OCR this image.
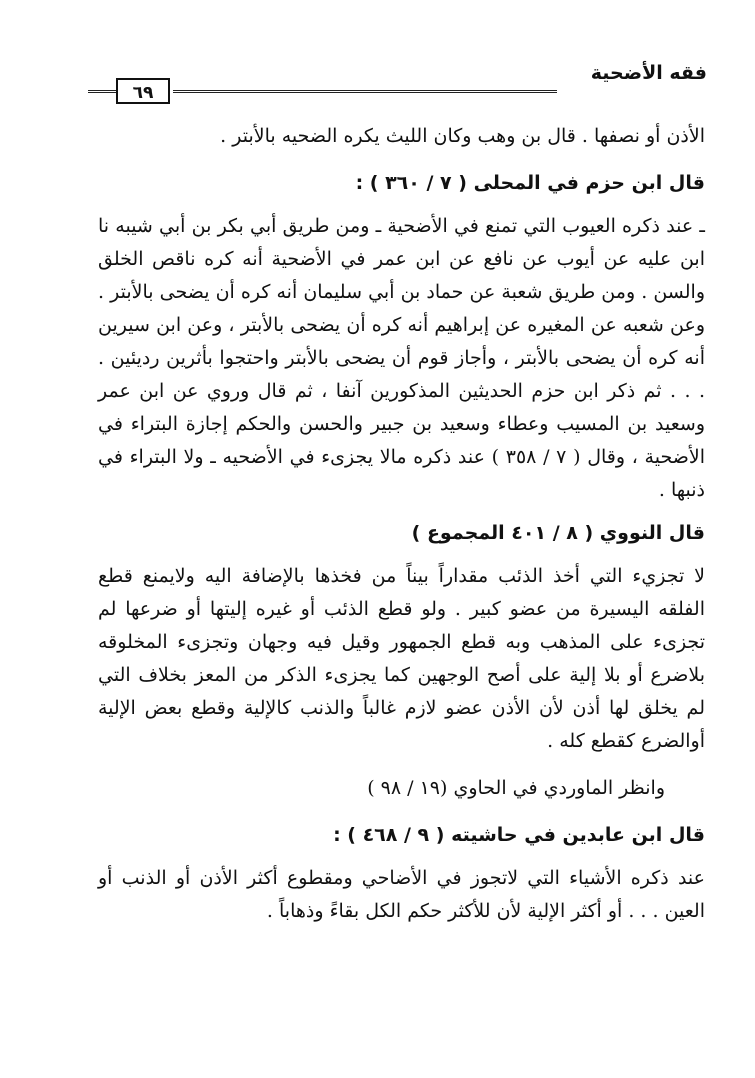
فقه الأضحية
٦٩

الأذن أو نصفها . قال بن وهب وكان الليث يكره الضحيه بالأبتر .

قال ابن حزم في المحلى ( ٧ / ٣٦٠ ) :

ـ عند ذكره العيوب التي تمنع في الأضحية ـ ومن طريق أبي بكر بن أبي شيبه نا ابن عليه عن أيوب عن نافع عن ابن عمر في الأضحية أنه كره ناقص الخلق والسن . ومن طريق شعبة عن حماد بن أبي سليمان أنه كره أن يضحى بالأبتر . وعن شعبه عن المغيره عن إبراهيم أنه كره أن يضحى بالأبتر ، وعن ابن سيرين أنه كره أن يضحى بالأبتر ، وأجاز قوم أن يضحى بالأبتر واحتجوا بأثرين رديئين . . . . ثم ذكر ابن حزم الحديثين المذكورين آنفا ، ثم قال وروي عن ابن عمر وسعيد بن المسيب وعطاء وسعيد بن جبير والحسن والحكم إجازة البتراء في الأضحية ، وقال ( ٧ / ٣٥٨ ) عند ذكره مالا يجزىء في الأضحيه ـ ولا البتراء في ذنبها .

قال النووي ( ٨ / ٤٠١ المجموع )

لا تجزيء التي أخذ الذئب مقداراً بيناً من فخذها بالإضافة اليه ولايمنع قطع الفلقه اليسيرة من عضو كبير . ولو قطع الذئب أو غيره إليتها أو ضرعها لم تجزىء على المذهب وبه قطع الجمهور وقيل فيه وجهان وتجزىء المخلوقه بلاضرع أو بلا إلية على أصح الوجهين كما يجزىء الذكر من المعز بخلاف التي لم يخلق لها أذن لأن الأذن عضو لازم غالباً والذنب كالإلية وقطع بعض الإلية أوالضرع كقطع كله .

وانظر الماوردي في الحاوي (١٩ / ٩٨ )

قال ابن عابدين في حاشيته ( ٩ / ٤٦٨ ) :

عند ذكره الأشياء التي لاتجوز في الأضاحي ومقطوع أكثر الأذن أو الذنب أو العين . . . أو أكثر الإلية لأن للأكثر حكم الكل بقاءً وذهاباً .
